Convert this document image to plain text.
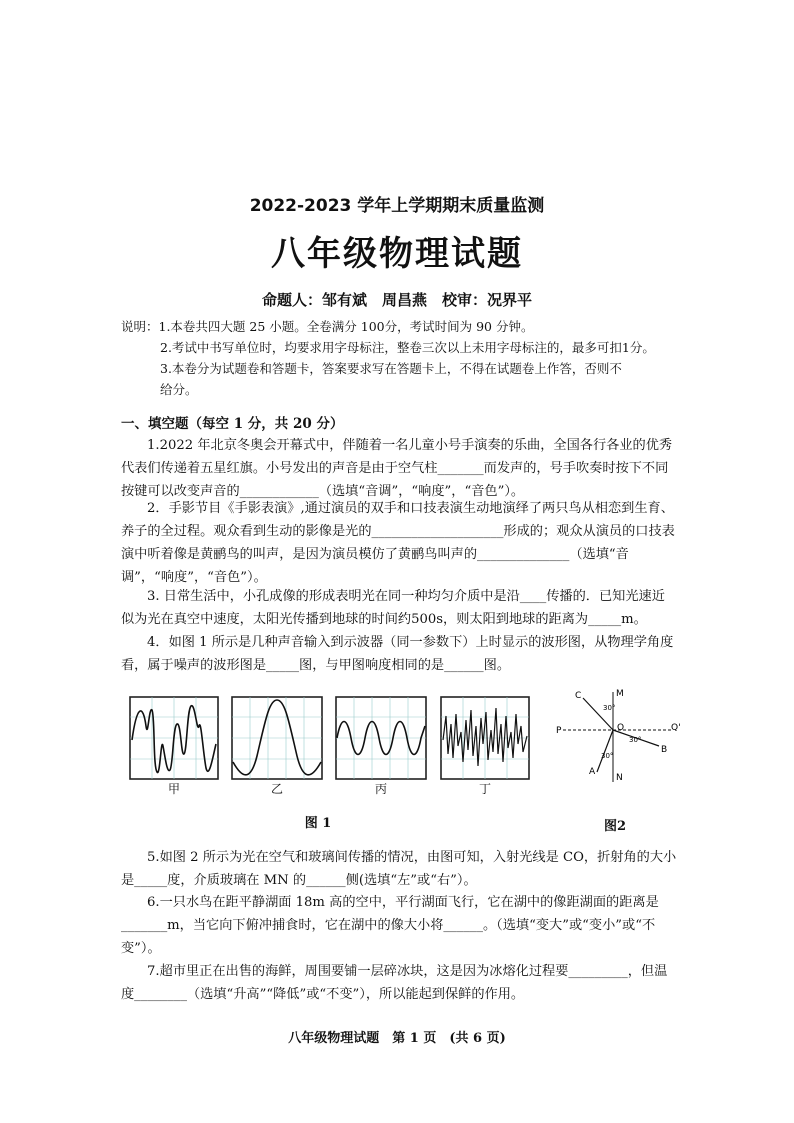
2022-2023 学年上学期期末质量监测
八年级物理试题
命题人：邹有斌　周昌燕　校审：况界平
说明：1.本卷共四大题 25 小题。全卷满分 100分，考试时间为 90 分钟。
2.考试中书写单位时，均要求用字母标注，整卷三次以上未用字母标注的，最多可扣1分。
3.本卷分为试题卷和答题卡，答案要求写在答题卡上，不得在试题卷上作答，否则不
给分。
一、填空题（每空 1 分，共 20 分）

1.2022 年北京冬奥会开幕式中，伴随着一名儿童小号手演奏的乐曲，全国各行各业的优秀代表们传递着五星红旗。小号发出的声音是由于空气柱_______而发声的，号手吹奏时按下不同按键可以改变声音的____________（选填“音调”，“响度”，“音色”）。

2．手影节目《手影表演》,通过演员的双手和口技表演生动地演绎了两只鸟从相恋到生育、养子的全过程。观众看到生动的影像是光的____________________形成的；观众从演员的口技表演中听着像是黄鹂鸟的叫声，是因为演员模仿了黄鹂鸟叫声的______________（选填“音调”，“响度”，“音色”）。

3. 日常生活中，小孔成像的形成表明光在同一种均匀介质中是沿____传播的．已知光速近似为光在真空中速度，太阳光传播到地球的时间约500s，则太阳到地球的距离为_____m。

4．如图 1 所示是几种声音输入到示波器（同一参数下）上时显示的波形图，从物理学角度看，属于噪声的波形图是_____图，与甲图响度相同的是______图。

甲	乙	丙	丁
图 1
C	M
P	O	Q'
B
A
N
30°
30°
30°
图2

5.如图 2 所示为光在空气和玻璃间传播的情况，由图可知，入射光线是 CO，折射角的大小是_____度，介质玻璃在 MN 的______侧(选填“左”或“右”）。

6.一只水鸟在距平静湖面 18m 高的空中，平行湖面飞行，它在湖中的像距湖面的距离是_______m，当它向下俯冲捕食时，它在湖中的像大小将______。（选填“变大”或“变小”或“不变”）。

7.超市里正在出售的海鲜，周围要铺一层碎冰块，这是因为冰熔化过程要_________，但温度________（选填“升高”“降低”或“不变”），所以能起到保鲜的作用。

八年级物理试题　第 1 页　(共 6 页)
